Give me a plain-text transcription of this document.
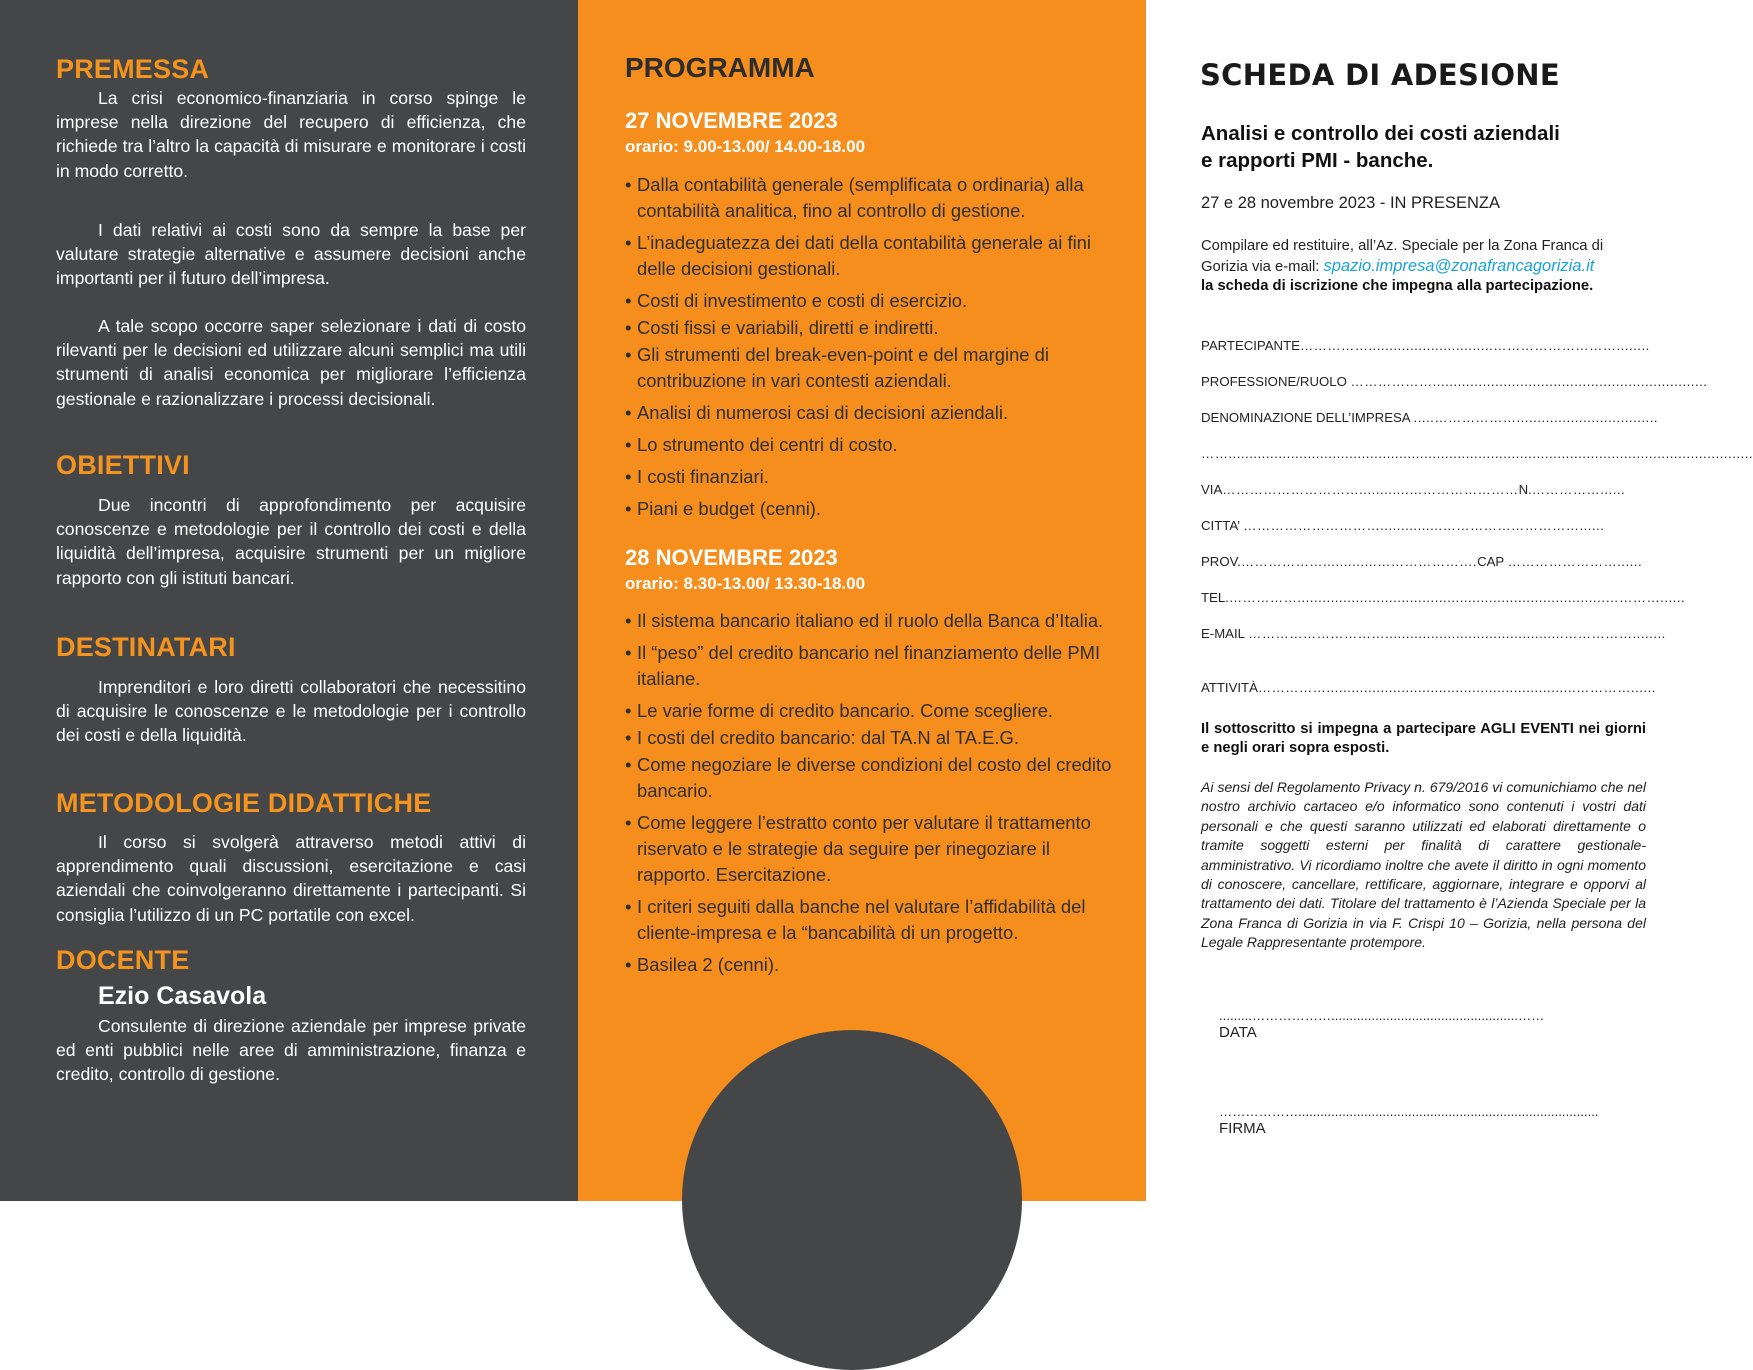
PREMESSA

La crisi economico-finanziaria in corso spinge le imprese nella direzione del recupero di efficienza, che richiede tra l’altro la capacità di misurare e monitorare i costi in modo corretto.

I dati relativi ai costi sono da sempre la base per valutare strategie alternative e assumere decisioni anche importanti per il futuro dell’impresa.

A tale scopo occorre saper selezionare i dati di costo rilevanti per le decisioni ed utilizzare alcuni semplici ma utili strumenti di analisi economica per migliorare l’efficienza gestionale e razionalizzare i processi decisionali.

OBIETTIVI

Due incontri di approfondimento per acquisire conoscenze e metodologie per il controllo dei costi e della liquidità dell’impresa, acquisire strumenti per un migliore rapporto con gli istituti bancari.

DESTINATARI

Imprenditori e loro diretti collaboratori che necessitino di acquisire le conoscenze e le metodologie per i controllo dei costi e della liquidità.

METODOLOGIE DIDATTICHE

Il corso si svolgerà attraverso metodi attivi di apprendimento quali discussioni, esercitazione e casi aziendali che coinvolgeranno direttamente i partecipanti. Si consiglia l’utilizzo di un PC portatile con excel.

DOCENTE
Ezio Casavola

Consulente di direzione aziendale per imprese private ed enti pubblici nelle aree di amministrazione, finanza e credito, controllo di gestione.

PROGRAMMA
27 NOVEMBRE 2023
orario: 9.00-13.00/ 14.00-18.00
• Dalla contabilità generale (semplificata o ordinaria) alla contabilità analitica, fino al controllo di gestione.
• L’inadeguatezza dei dati della contabilità generale ai fini delle decisioni gestionali.
• Costi di investimento e costi di esercizio.
• Costi fissi e variabili, diretti e indiretti.
• Gli strumenti del break-even-point e del margine di contribuzione in vari contesti aziendali.
• Analisi di numerosi casi di decisioni aziendali.
• Lo strumento dei centri di costo.
• I costi finanziari.
• Piani e budget (cenni).
28 NOVEMBRE 2023
orario: 8.30-13.00/ 13.30-18.00
• Il sistema bancario italiano ed il ruolo della Banca d’Italia.
• Il “peso” del credito bancario nel finanziamento delle PMI italiane.
• Le varie forme di credito bancario. Come scegliere.
• I costi del credito bancario: dal TA.N al TA.E.G.
• Come negoziare le diverse condizioni del costo del credito bancario.
• Come leggere l’estratto conto per valutare il trattamento riservato e le strategie da seguire per rinegoziare il rapporto. Esercitazione.
• I criteri seguiti dalla banche nel valutare l’affidabilità del cliente-impresa e la “bancabilità di un progetto.
• Basilea 2 (cenni).
SCHEDA DI ADESIONE
Analisi e controllo dei costi aziendali
e rapporti PMI - banche.
27 e 28 novembre 2023 - IN PRESENZA
Compilare ed restituire, all’Az. Speciale per la Zona Franca di Gorizia via e-mail: spazio.impresa@zonafrancagorizia.it
la scheda di iscrizione che impegna alla partecipazione.
PARTECIPANTE……………..............................………………………........
PROFESSIONE/RUOLO ………………..................................................................
DENOMINAZIONE DELL’IMPRESA .....………………..................................
……..............................................................................................................................
VIA…………………………............……………………N.……………......
CITTA’ …………………………...............…………………………......
PROV.……………….............………………….CAP ……………………......
TEL.……………..........................................................................…………......
E-MAIL …………………………...........................................……………........
ATTIVITÀ……………............................................................…………......
Il sottoscritto si impegna a partecipare AGLI EVENTI nei giorni e negli orari sopra esposti.
Ai sensi del Regolamento Privacy n. 679/2016 vi comunichiamo che nel nostro archivio cartaceo e/o informatico sono contenuti i vostri dati personali e che questi saranno utilizzati ed elaborati direttamente o tramite soggetti esterni per finalità di carattere gestionale-amministrativo. Vi ricordiamo inoltre che avete il diritto in ogni momento di conoscere, cancellare, rettificare, aggiornare, integrare e opporvi al trattamento dei dati. Titolare del trattamento è l’Azienda Speciale per la Zona Franca di Gorizia in via F. Crispi 10 – Gorizia, nella persona del Legale Rappresentante protempore.
.........………………...................................................……
DATA
………………..................................................................................
FIRMA
